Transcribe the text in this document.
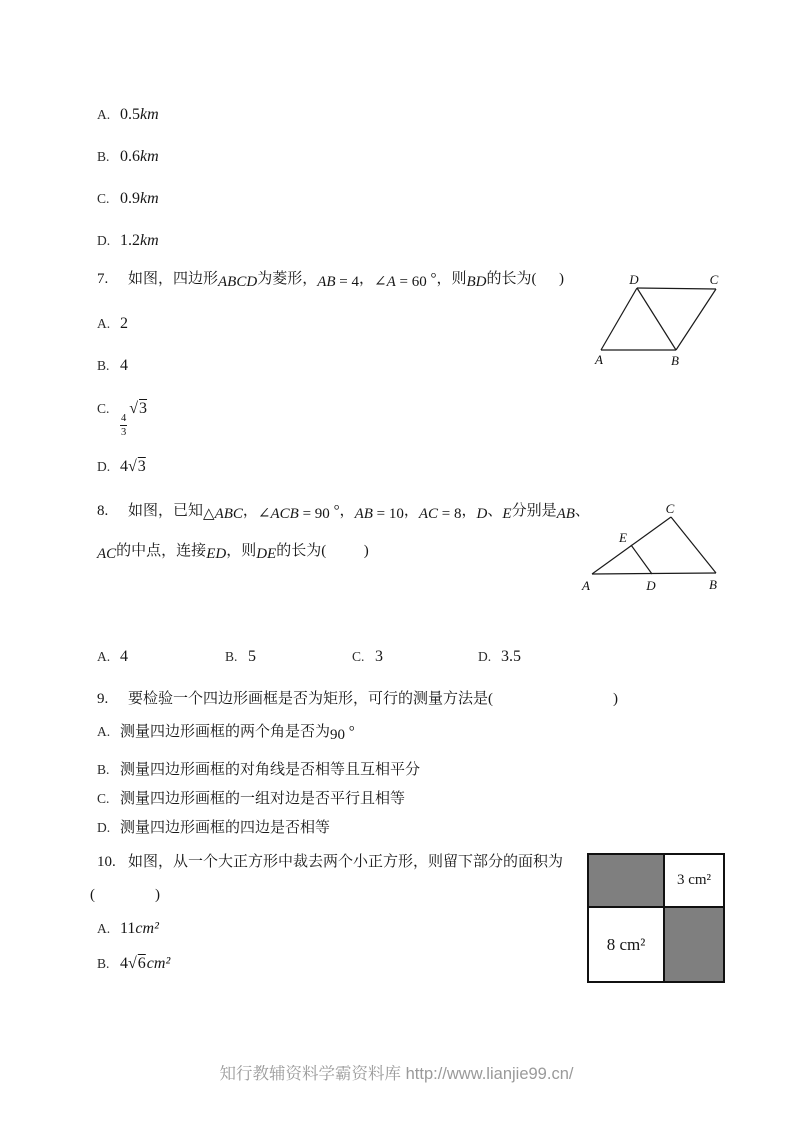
A. 0.5km
B. 0.6km
C. 0.9km
D. 1.2km
7. 如图，四边形ABCD为菱形，AB = 4，∠A = 60 °，则BD的长为(　 )
A	B
C
D
A. 2
B. 4
C.
$\frac{4}{3}$
√3
D. 4√3
8. 如图，已知△ABC，∠ACB = 90 °，AB = 10，AC = 8，D、E分别是AB、
AC的中点，连接ED，则DE的长为(　　 )
A	B
C
D
E
A. 4	B. 5	C. 3	D. 3.5
9. 要检验一个四边形画框是否为矩形，可行的测量方法是(　　　　　　　　)
A. 测量四边形画框的两个角是否为90 °
B. 测量四边形画框的对角线是否相等且互相平分
C. 测量四边形画框的一组对边是否平行且相等
D. 测量四边形画框的四边是否相等
10. 如图，从一个大正方形中裁去两个小正方形，则留下部分的面积为
(　　　　)
3 cm²
8 cm²
A. 11cm²
B. 4√6cm²
知行教辅资料学霸资料库 http://www.lianjie99.cn/
